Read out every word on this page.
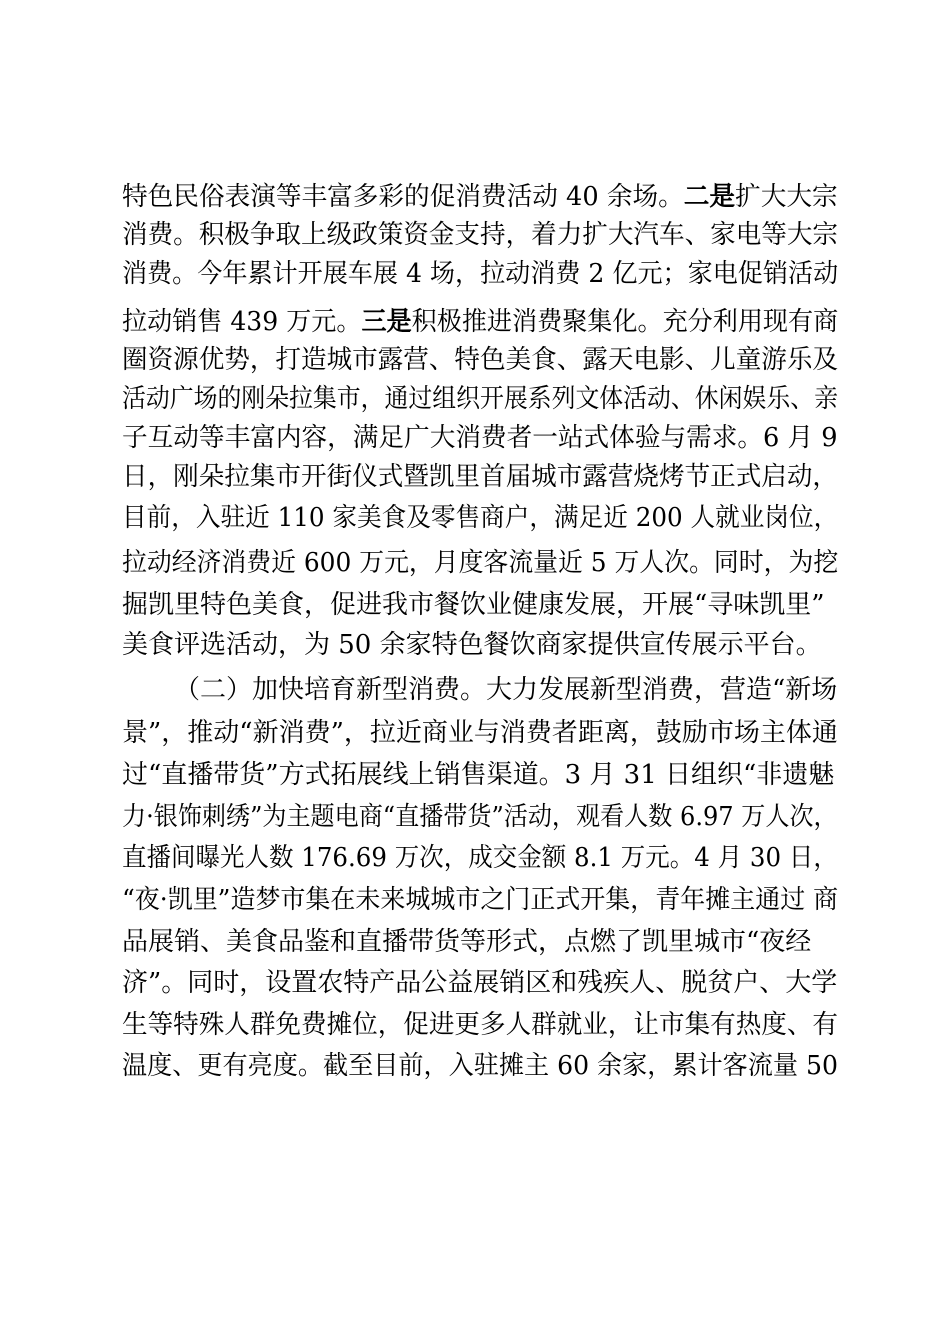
特色民俗表演等丰富多彩的促消费活动 40 余场。二是扩大大宗
消费。积极争取上级政策资金支持，着力扩大汽车、家电等大宗
消费。今年累计开展车展 4 场，拉动消费 2 亿元；家电促销活动
拉动销售 439 万元。三是积极推进消费聚集化。充分利用现有商
圈资源优势，打造城市露营、特色美食、露天电影、儿童游乐及
活动广场的刚朵拉集市，通过组织开展系列文体活动、休闲娱乐、亲
子互动等丰富内容，满足广大消费者一站式体验与需求。6 月 9
日，刚朵拉集市开街仪式暨凯里首届城市露营烧烤节正式启动，
目前，入驻近 110 家美食及零售商户，满足近 200 人就业岗位，
拉动经济消费近 600 万元，月度客流量近 5 万人次。同时，为挖
掘凯里特色美食，促进我市餐饮业健康发展，开展“寻味凯里”
美食评选活动，为 50 余家特色餐饮商家提供宣传展示平台。
（二）加快培育新型消费。大力发展新型消费，营造“新场
景”，推动“新消费”，拉近商业与消费者距离，鼓励市场主体通
过“直播带货”方式拓展线上销售渠道。3 月 31 日组织“非遗魅
力·银饰刺绣”为主题电商“直播带货”活动，观看人数 6.97 万人次，
直播间曝光人数 176.69 万次，成交金额 8.1 万元。4 月 30 日，
“夜·凯里”造梦市集在未来城城市之门正式开集，青年摊主通过 商
品展销、美食品鉴和直播带货等形式，点燃了凯里城市“夜经
济”。同时，设置农特产品公益展销区和残疾人、脱贫户、大学
生等特殊人群免费摊位，促进更多人群就业，让市集有热度、有
温度、更有亮度。截至目前，入驻摊主 60 余家，累计客流量 50
